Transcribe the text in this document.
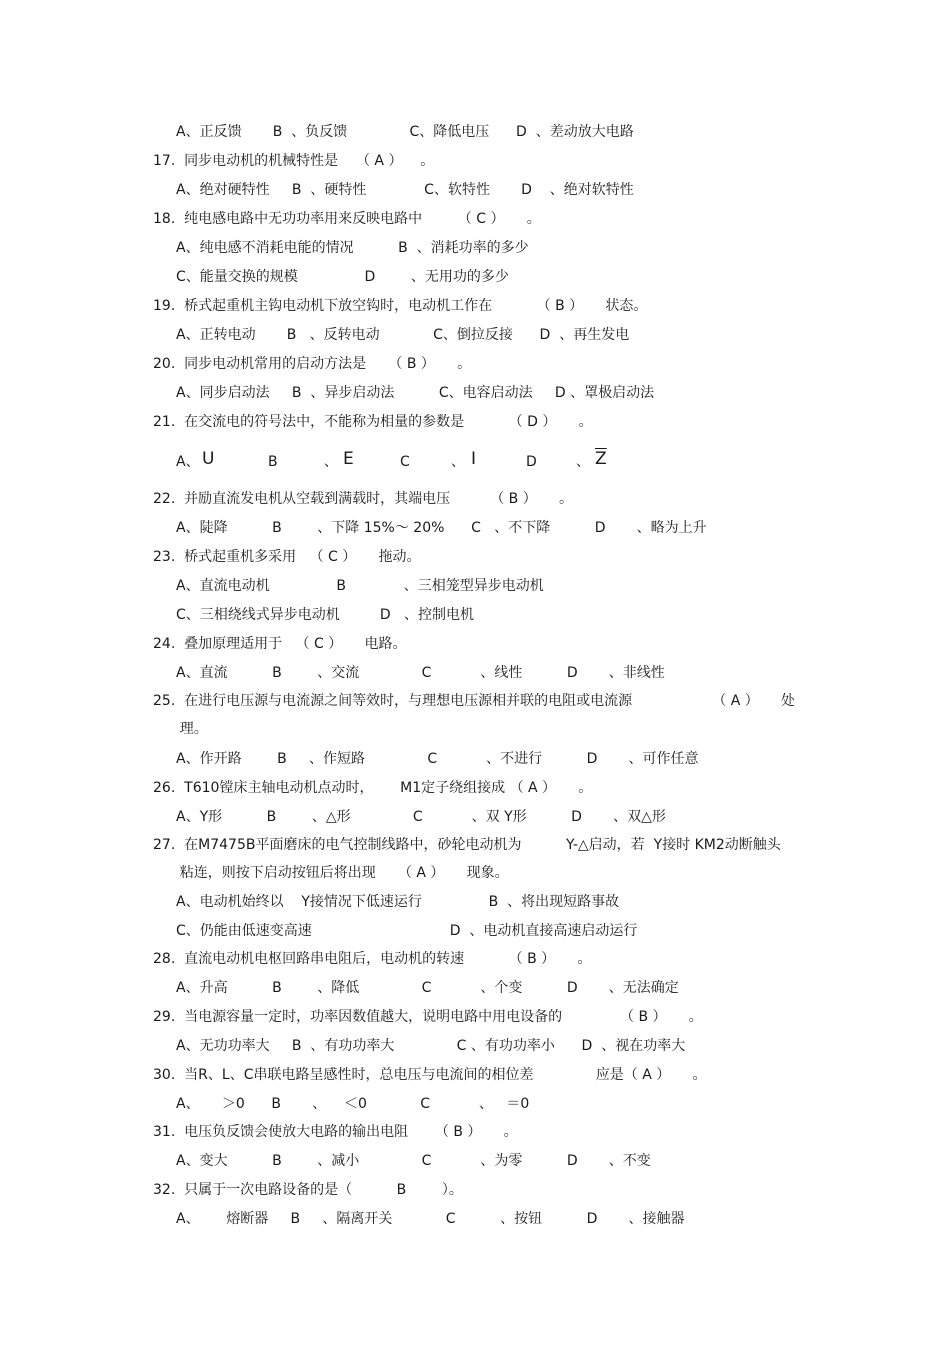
A、正反馈       B  、负反馈              C、降低电压      D  、差动放大电路
17.  同步电动机的机械特性是    （ A ）    。
A、绝对硬特性     B  、硬特性             C、软特性       D    、绝对软特性
18.  纯电感电路中无功功率用来反映电路中        （ C ）     。
A、纯电感不消耗电能的情况          B  、消耗功率的多少
C、能量交换的规模               D        、无用功的多少
19.  桥式起重机主钩电动机下放空钩时，电动机工作在          （ B ）     状态。
A、正转电动       B   、反转电动            C、倒拉反接      D  、再生发电
20.  同步电动机常用的启动方法是     （ B ）     。
A、同步启动法     B  、异步启动法          C、电容启动法     D 、罩极启动法
21.  在交流电的符号法中，不能称为相量的参数是          （ D ）     。
A、 U	B	、 E	C	、 I	D	、 $\overline{Z}$
22.  并励直流发电机从空载到满载时，其端电压         （ B ）     。
A、陡降          B        、下降 15%～ 20%      C   、不下降          D       、略为上升
23.  桥式起重机多采用   （ C ）     拖动。
A、直流电动机               B             、三相笼型异步电动机
C、三相绕线式异步电动机         D   、控制电机
24.  叠加原理适用于   （ C ）     电路。
A、直流          B        、交流              C           、线性          D       、非线性
25.  在进行电压源与电流源之间等效时，与理想电压源相并联的电阻或电流源                  （ A ）     处
理。
A、作开路        B     、作短路              C           、不进行          D       、可作任意
26.  T610镗床主轴电动机点动时，      M1定子绕组接成 （ A ）     。
A、Y形          B        、△形              C           、双 Y形          D       、双△形
27.  在M7475B平面磨床的电气控制线路中，砂轮电动机为          Y-△启动，若  Y接时 KM2动断触头
粘连，则按下启动按钮后将出现     （ A ）     现象。
A、电动机始终以    Y接情况下低速运行               B  、将出现短路事故
C、仍能由低速变高速                               D  、电动机直接高速启动运行
28.  直流电动机电枢回路串电阻后，电动机的转速          （ B ）     。
A、升高          B        、降低              C           、个变          D       、无法确定
29.  当电源容量一定时，功率因数值越大，说明电路中用电设备的             （ B ）     。
A、无功功率大     B  、有功功率大              C 、有功功率小      D  、视在功率大
30.  当R、L、C串联电路呈感性时，总电压与电流间的相位差              应是（ A ）     。
A、     ＞0      B       、    ＜0            C           、   ＝0
31.  电压负反馈会使放大电路的输出电阻      （ B ）     。
A、变大          B        、减小              C           、为零          D       、不变
32.  只属于一次电路设备的是（          B        ）。
A、      熔断器     B     、隔离开关            C          、按钮          D       、接触器
